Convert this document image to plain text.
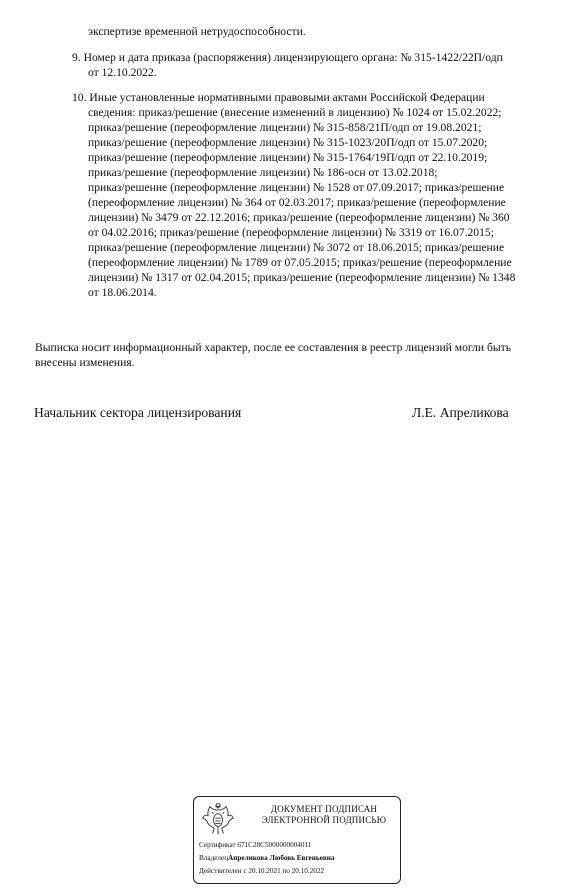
экспертизе временной нетрудоспособности.
9. Номер и дата приказа (распоряжения) лицензирующего органа: № 315-1422/22П/одп
от 12.10.2022.
10. Иные установленные нормативными правовыми актами Российской Федерации
сведения: приказ/решение (внесение изменений в лицензию) № 1024 от 15.02.2022;
приказ/решение (переоформление лицензии) № 315-858/21П/одп от 19.08.2021;
приказ/решение (переоформление лицензии) № 315-1023/20П/одп от 15.07.2020;
приказ/решение (переоформление лицензии) № 315-1764/19П/одп от 22.10.2019;
приказ/решение (переоформление лицензии) № 186-осн от 13.02.2018;
приказ/решение (переоформление лицензии) № 1528 от 07.09.2017; приказ/решение
(переоформление лицензии) № 364 от 02.03.2017; приказ/решение (переоформление
лицензии) № 3479 от 22.12.2016; приказ/решение (переоформление лицензии) № 360
от 04.02.2016; приказ/решение (переоформление лицензии) № 3319 от 16.07.2015;
приказ/решение (переоформление лицензии) № 3072 от 18.06.2015; приказ/решение
(переоформление лицензии) № 1789 от 07.05.2015; приказ/решение (переоформление
лицензии) № 1317 от 02.04.2015; приказ/решение (переоформление лицензии) № 1348
от 18.06.2014.
Выписка носит информационный характер, после ее составления в реестр лицензий могли быть
внесены изменения.
Начальник сектора лицензирования	Л.Е. Апреликова
ДОКУМЕНТ ПОДПИСАН
ЭЛЕКТРОННОЙ ПОДПИСЬЮ
Сертификат 671C28C5000000004011
ВладелецАпреликова Любовь Евгеньевна
Действителен с 20.10.2021 по 20.10.2022
